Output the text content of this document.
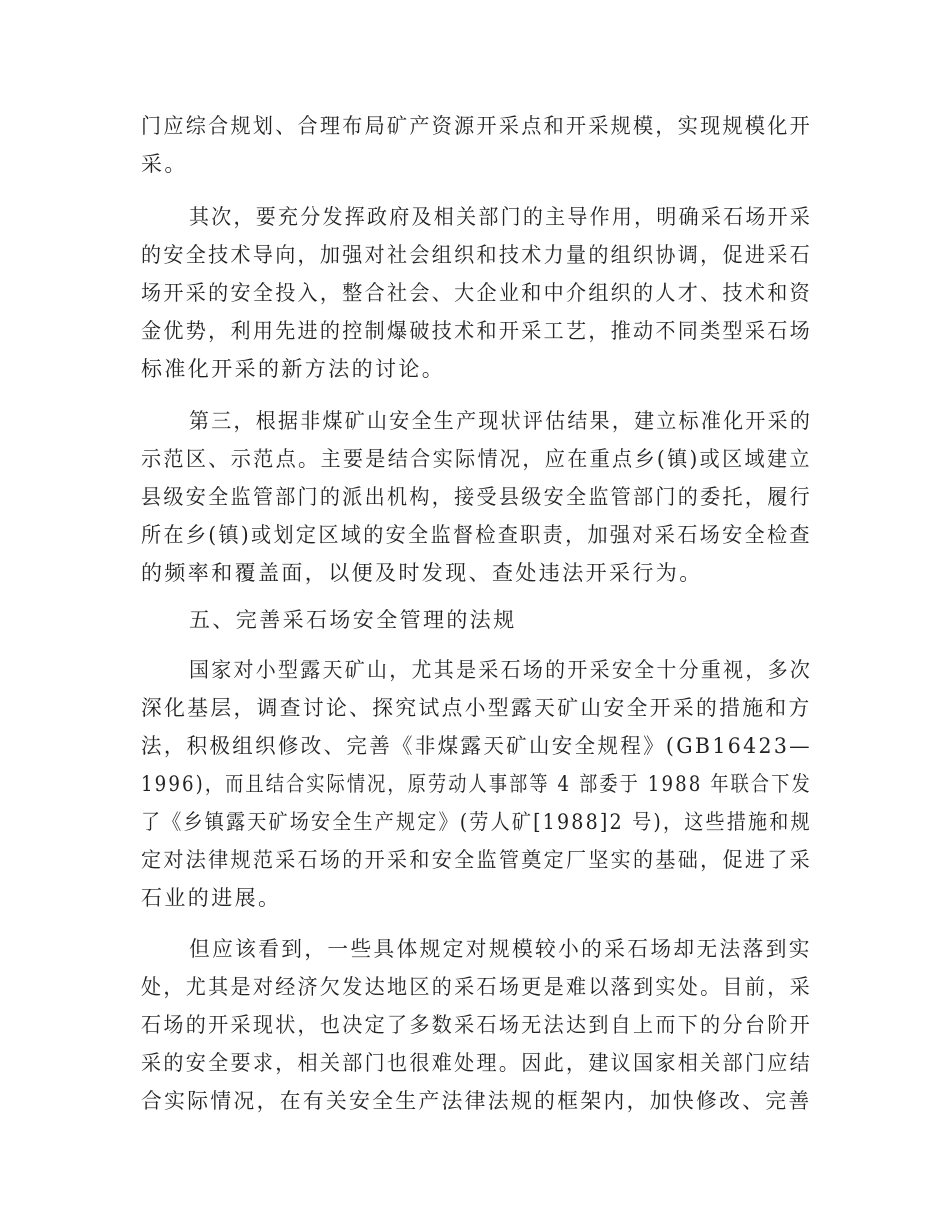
门应综合规划、合理布局矿产资源开采点和开采规模，实现规模化开
采。
其次，要充分发挥政府及相关部门的主导作用，明确采石场开采
的安全技术导向，加强对社会组织和技术力量的组织协调，促进采石
场开采的安全投入，整合社会、大企业和中介组织的人才、技术和资
金优势，利用先进的控制爆破技术和开采工艺，推动不同类型采石场
标准化开采的新方法的讨论。
第三，根据非煤矿山安全生产现状评估结果，建立标准化开采的
示范区、示范点。主要是结合实际情况，应在重点乡(镇)或区域建立
县级安全监管部门的派出机构，接受县级安全监管部门的委托，履行
所在乡(镇)或划定区域的安全监督检查职责，加强对采石场安全检查
的频率和覆盖面，以便及时发现、查处违法开采行为。
五、完善采石场安全管理的法规
国家对小型露天矿山，尤其是采石场的开采安全十分重视，多次
深化基层，调查讨论、探究试点小型露天矿山安全开采的措施和方
法，积极组织修改、完善《非煤露天矿山安全规程》(GB16423—
1996)，而且结合实际情况，原劳动人事部等 4 部委于 1988 年联合下发
了《乡镇露天矿场安全生产规定》(劳人矿[1988]2 号)，这些措施和规
定对法律规范采石场的开采和安全监管奠定厂坚实的基础，促进了采
石业的进展。
但应该看到，一些具体规定对规模较小的采石场却无法落到实
处，尤其是对经济欠发达地区的采石场更是难以落到实处。目前，采
石场的开采现状，也决定了多数采石场无法达到自上而下的分台阶开
采的安全要求，相关部门也很难处理。因此，建议国家相关部门应结
合实际情况，在有关安全生产法律法规的框架内，加快修改、完善
